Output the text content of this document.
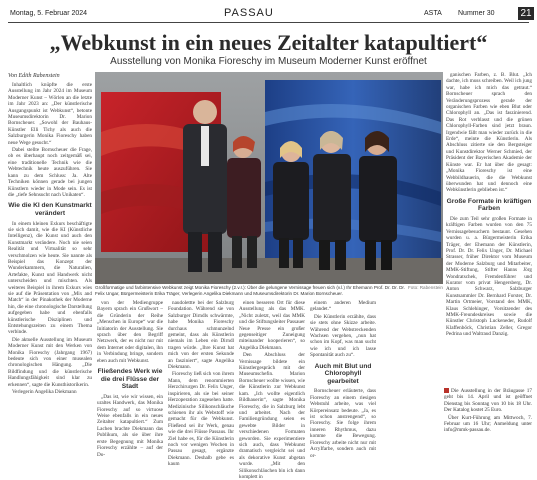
Montag, 5. Februar 2024	PASSAU	ASTA Nummer 30	21
„Webkunst in ein neues Zeitalter katapultiert“
Ausstellung von Monika Fioreschy im Museum Moderner Kunst eröffnet
Von Edith Rabenstein

Inhaltlich knüpfte die erste Ausstellung im Jahr 2024 im Museum Moderner Kunst – Wörlen an die letzte im Jahr 2023 an: „Der künstlerische Ausgangspunkt ist Webkunst“, betonte Museumsdirektorin Dr. Marion Bornscheuer. „Sowohl der Bauhaus-Künstler Elli Tichy als auch die Salzburgerin Monika Fioreschy haben neue Wege gesucht.“

Dabei stellte Bornscheuer die Frage, ob es überhaupt noch zeitgemäß sei, eine traditionelle Technik wie die Webtechnik heute auszuführen. Sie kann zu dem Schluss: Ja. Alte Techniken können gerade bei jungen Künstlern wieder in Mode sein. Es ist die „tiefe Sehnsucht nach Unikaten“.

Wie die KI den Kunstmarkt verändert

In einem kleinen Exkurs beschäftigte sie sich damit, wie die KI (Künstliche Intelligenz), die Kunst und auch den Kunstmarkt verändere. Noch nie seien Realität und Virtualität so sehr verschmolzen wie heute. Sie nannte als Beispiel das Konzept der Wunderkammern, die Naturalien, Artefakte, Kunst und Handwerk nicht unterscheiden und mischten. Als weiteres Beispiel in ihrem Exkurs wies sie auf die Präsentation von „Mix and Match“ in der Pinakothek der Moderne hin, die eine chronologische Darstellung aufgegeben habe und ebenfalls künstlerische Disziplinen und Entstehungszeiten zu einem Thema verbinde.

Die aktuelle Ausstellung im Museum Moderner Kunst mit den Werken von Monika Fioreschy (Jahrgang 1967) bedeute sich von einer musealen chronologischen Hängung. „Die Bildfindung und die künstlerische Handlungsfähigkeit sind klar zu erkennen“, sagte die Kunsthistorikerin.

Verlegerin Angelika Diekmann

Foto: Rabenstein
Großformatige und farbintensive Webkunst zeigt Monika Fioreschy (2.v.r.): Über die gelungene Vernissage freuen sich (v.l.) Ihr Ehemann Prof. Dr. Dr. Dr. Felix Ungar, Bürgermeisterin Erika Träger, Verlegerin Angelika Diekmann und Museumsdirektorin Dr. Marion Bornscheuer.

ganischen Farben, z. B. Blut. „Ich dachte, ich muss schreiben. Weil ich jung war, habe ich mich das getraut.“ Bornscheuer sprach den Veränderungsprozess gerade der organischen Farben wie eben Blut oder Chlorophyll an. „Das ist faszinierend. Das Rot verblasst und die grünen Chlorophyll-Farben sind jetzt braun. Irgendwie fällt man wieder zurück in die Erde“, meinte die Künstlerin. Als Abschluss zitierte sie den Bergsteiger und Kunstdirektor Werner Schmied, der Präsident der Bayerischen Akademie der Künste war. Er hat über die gesagt: „Monika Fioreschy ist eine Webbildhauerin, die die Webkunst überwunden hat und dennoch eine Webkünstlerin geblieben ist.“

Große Formate in kräftigen Farben

Die zum Teil sehr großen Formate in kräftigen Farben wurden von den 75 Vernissagebesuchern bestaunt. Gesehen wurden u. a. Bürgermeisterin Erika Träger, der Ehemann der Künstlerin, Prof. Dr. Dr. Felix Unger, Dr. Michael Strasser, früher Direktor vom Museum der Moderne Salzburg und Mitarbeiter, MMK-Stiftung, Stifter Hanns Jörg Wondratschek, Fremdenführer und Kurator vom privat Hengersberg, Dr. Anton Schwarz, Salzburger Kunstsammler Dr. Bernhard Forster, Dr. Martin Ortmeier, Vorstand des MMK, Klaus Schlehinger, Vorsitzender des MMK-Freundeskreises sowie die Künstler Christoph Luckeneder, Rudolf Klaffenböck, Christian Zeller, Gregor Pedrina und Waltraud Danzig.

von der Mediengruppe Bayern sprach ein Grußwort – die Gründerin der Reihe „Menschen in Europe“ war die Initiatorin der Ausstellung. Sie sprach über den Begriff Netzwerk, der es nicht nur mit dem Internet oder digitalen, ihn in Verbindung bringe, sondern eben auch mit Webkunst.

Fließendes Werk wie die drei Flüsse der Stadt

„Das ist, wie wir wissen, ein uraltes Handwerk, das Monika Fioreschy auf so virtuose Weise ebenfalls in ein neues Zeitalter katapultiert.“ Zum Lachen brachte Diekmann das Publikum, als sie über ihre erste Begegnung mit Monika Fioreschy erzählte – auf der Do-

naudolettte bei der Salzburg Foundation. Während sie von Salzburger Dirndls schwärmte, habe Monika Fioreschy durchaus schmunzelnd gemeint, dass als Künstlerin niemals im Leben ein Dirndl tragen würde. „Ihre Kunst hat mich von der ersten Sekunde an fasziniert“, sagte Angelika Diekmann.

Fioreschy ließ sich von ihrem Mann, dem renommierten Herzchirurgen Dr. Felix Unger, inspirieren, als sie bei seiner Herzoperation zugesehen hatte. Medizinische Silikonschläuche schienen ihr als Webstoff wie gemacht für die Webkunst. Fließend sei ihr Werk, genau wie die drei Flüsse Passaus. Ihr Ziel habe es, für die Künstlerin noch vor wenigen Wochen in Passau gesagt, ergänzte Diekmann. Deshalb gebe es kaum

einen besseren Ort für diese Ausstellung als das MMK. „Nicht zuletzt, weil das MMK und die Stiftungsleiter Passauer Neue Presse ein großer gegenseitiger Zuneigung miteinander kooperieren“, so Angelika Diekmann.

Den Abschluss der Vernissage bildete ein Künstlergespräch mit der Museumschefin. Marion Bornscheuer wollte wissen, wie die Künstlerin zur Webkunst kam. „Ich wollte eigentlich Bildhauerin“, sagte Monika Fioreschy, die in Salzburg lebt und arbeitet. Nach der Familiengründung seien es gewebte Bilder in verschiedenen Formaten geworden. Sie experimentiere sich auch, dass Webkunst dramatisch vergleicht sei und als dekorative Kunst abgetan wurde. „Mit den Silikonschläuchen bin ich dann komplett in

einem anderen Medium gelandet.“

Die Künstlerin erzählte, dass sie stets ohne Skizze arbeite. Während der Webstreckenden Wachsen vergehen, „nun hat schon im Kopf, was man sucht wie ich und ich lasse Spontanität auch zu“.

Auch mit Blut und Chlorophyll gearbeitet

Bornscheuer erläuterte, dass Fioreschy an einem riesigen Webstuhl arbeite, was viel Körpereinsatz bedeute. „Ja, es ist schon anstrengend“, so Fioreschy. Sie folge ihrem inneren Rhythmus, dazu komme die Bewegung. Fioreschy arbeite nicht nur mit AcryIfarbe, sondern auch mit or-

Die Ausstellung in der Bräugasse 17 geht bis 14. April und ist geöffnet Dienstag bis Sonntag von 10 bis 18 Uhr. Der Katalog kostet 25 Euro.

Über Kurt-Führung am Mittwoch, 7. Februar um 16 Uhr; Anmeldung unter info@mmk-passau.de.
